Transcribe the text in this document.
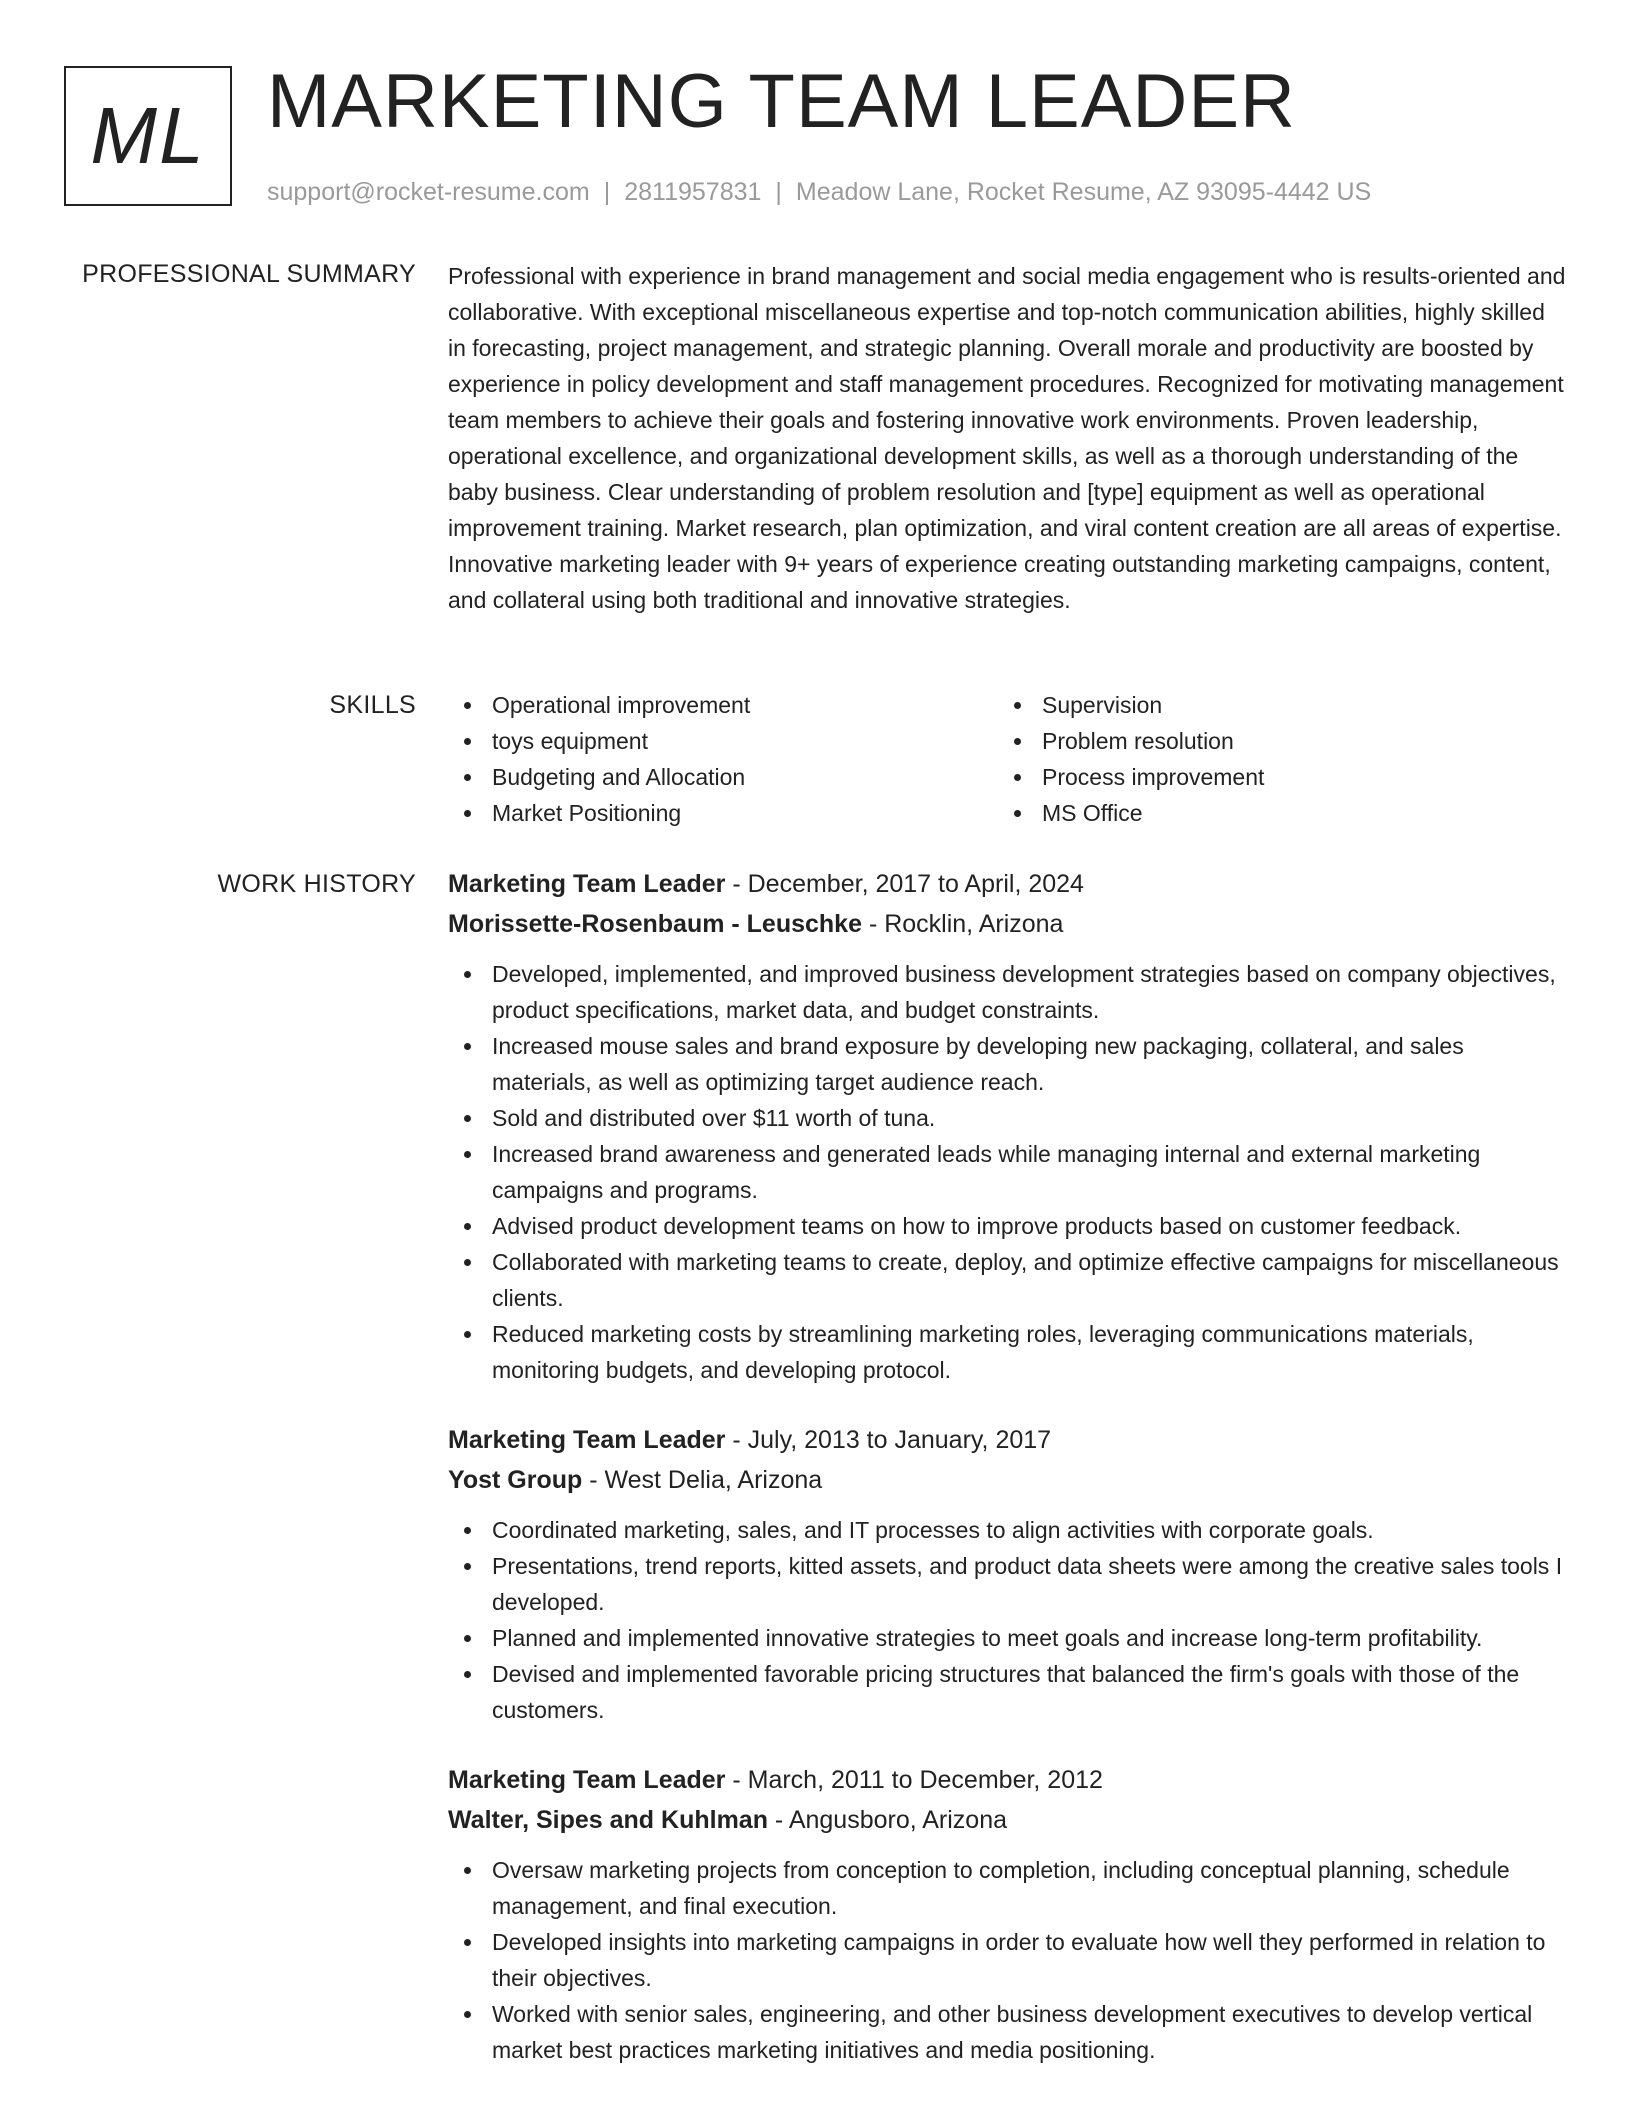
ML MARKETING TEAM LEADER
support@rocket-resume.com | 2811957831 | Meadow Lane, Rocket Resume, AZ 93095-4442 US
PROFESSIONAL SUMMARY Professional with experience in brand management and social media engagement who is results-oriented and collaborative. With exceptional miscellaneous expertise and top-notch communication abilities, highly skilled in forecasting, project management, and strategic planning. Overall morale and productivity are boosted by experience in policy development and staff management procedures. Recognized for motivating management team members to achieve their goals and fostering innovative work environments. Proven leadership, operational excellence, and organizational development skills, as well as a thorough understanding of the baby business. Clear understanding of problem resolution and [type] equipment as well as operational improvement training. Market research, plan optimization, and viral content creation are all areas of expertise. Innovative marketing leader with 9+ years of experience creating outstanding marketing campaigns, content, and collateral using both traditional and innovative strategies.

SKILLS	Operational improvement
toys equipment
Budgeting and Allocation
Market Positioning
Supervision
Problem resolution
Process improvement
MS Office
WORK HISTORY Marketing Team Leader - December, 2017 to April, 2024
Morissette-Rosenbaum - Leuschke - Rocklin, Arizona
Developed, implemented, and improved business development strategies based on company objectives, product specifications, market data, and budget constraints.
Increased mouse sales and brand exposure by developing new packaging, collateral, and sales materials, as well as optimizing target audience reach.
Sold and distributed over $11 worth of tuna.
Increased brand awareness and generated leads while managing internal and external marketing campaigns and programs.
Advised product development teams on how to improve products based on customer feedback.
Collaborated with marketing teams to create, deploy, and optimize effective campaigns for miscellaneous clients.
Reduced marketing costs by streamlining marketing roles, leveraging communications materials, monitoring budgets, and developing protocol.
Marketing Team Leader - July, 2013 to January, 2017
Yost Group - West Delia, Arizona
Coordinated marketing, sales, and IT processes to align activities with corporate goals.
Presentations, trend reports, kitted assets, and product data sheets were among the creative sales tools I developed.
Planned and implemented innovative strategies to meet goals and increase long-term profitability.
Devised and implemented favorable pricing structures that balanced the firm's goals with those of the customers.
Marketing Team Leader - March, 2011 to December, 2012
Walter, Sipes and Kuhlman - Angusboro, Arizona
Oversaw marketing projects from conception to completion, including conceptual planning, schedule management, and final execution.
Developed insights into marketing campaigns in order to evaluate how well they performed in relation to their objectives.
Worked with senior sales, engineering, and other business development executives to develop vertical market best practices marketing initiatives and media positioning.
